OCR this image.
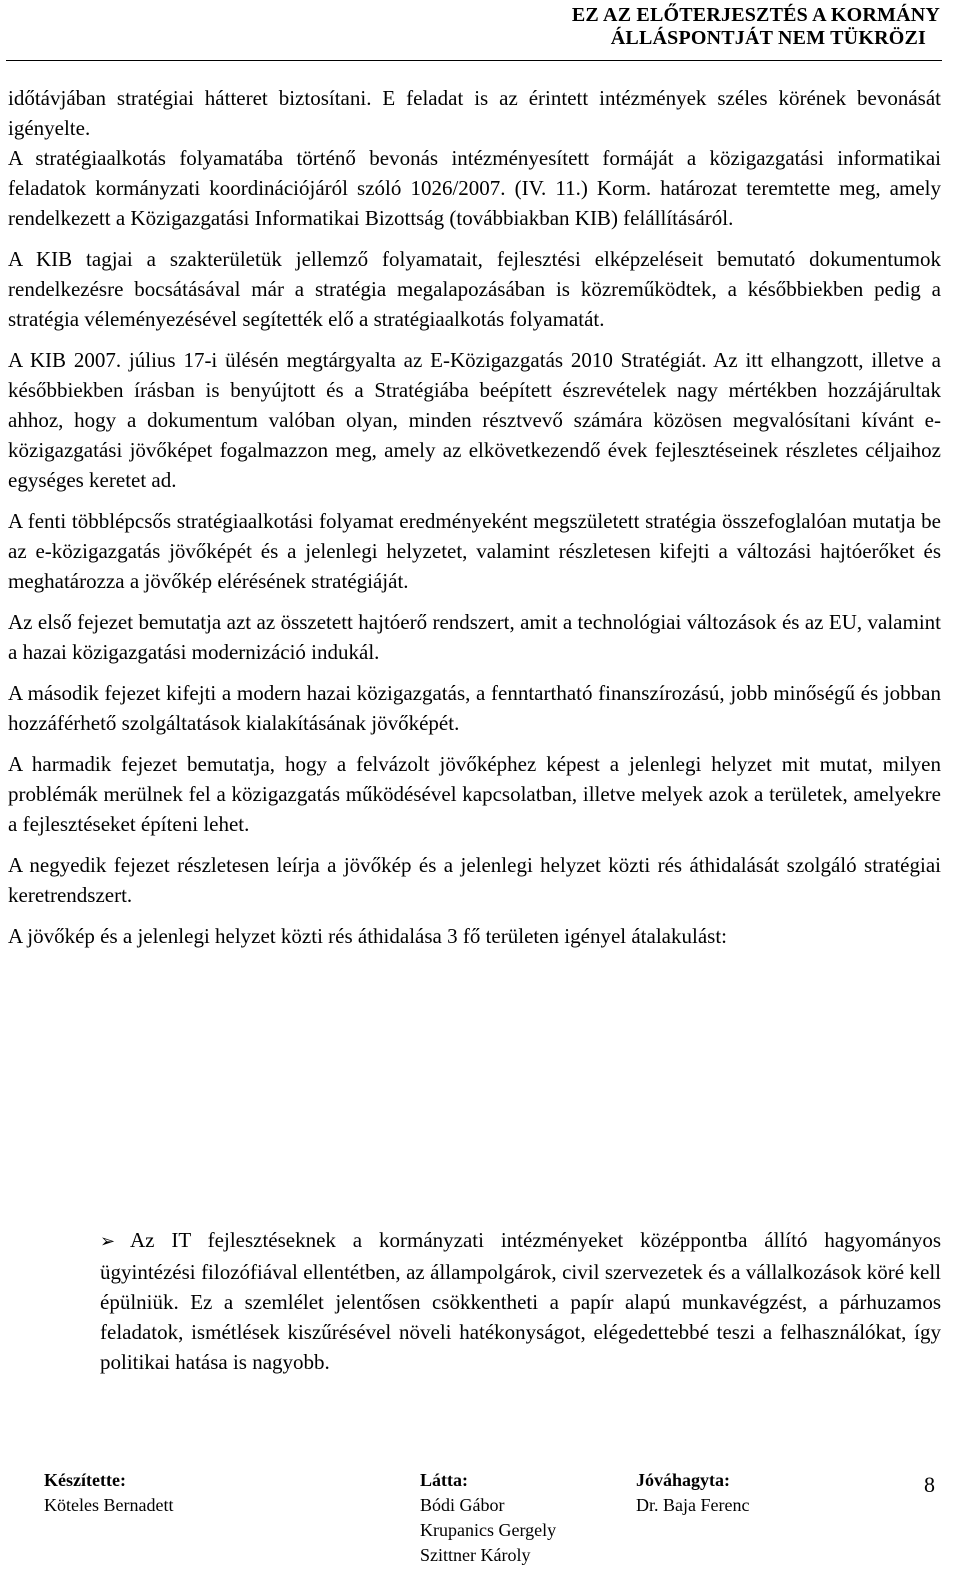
EZ AZ ELŐTERJESZTÉS A KORMÁNY
ÁLLÁSPONTJÁT NEM TÜKRÖZI

időtávjában stratégiai hátteret biztosítani. E feladat is az érintett intézmények széles körének bevonását igényelte.

A stratégiaalkotás folyamatába történő bevonás intézményesített formáját a közigazgatási informatikai feladatok kormányzati koordinációjáról szóló 1026/2007. (IV. 11.) Korm. határozat teremtette meg, amely rendelkezett a Közigazgatási Informatikai Bizottság (továbbiakban KIB) felállításáról.

A KIB tagjai a szakterületük jellemző folyamatait, fejlesztési elképzeléseit bemutató dokumentumok rendelkezésre bocsátásával már a stratégia megalapozásában is közreműködtek, a későbbiekben pedig a stratégia véleményezésével segítették elő a stratégiaalkotás folyamatát.

A KIB 2007. július 17-i ülésén megtárgyalta az E-Közigazgatás 2010 Stratégiát. Az itt elhangzott, illetve a későbbiekben írásban is benyújtott és a Stratégiába beépített észrevételek nagy mértékben hozzájárultak ahhoz, hogy a dokumentum valóban olyan, minden résztvevő számára közösen megvalósítani kívánt e-közigazgatási jövőképet fogalmazzon meg, amely az elkövetkezendő évek fejlesztéseinek részletes céljaihoz egységes keretet ad.

A fenti többlépcsős stratégiaalkotási folyamat eredményeként megszületett stratégia összefoglalóan mutatja be az e-közigazgatás jövőképét és a jelenlegi helyzetet, valamint részletesen kifejti a változási hajtóerőket és meghatározza a jövőkép elérésének stratégiáját.

Az első fejezet bemutatja azt az összetett hajtóerő rendszert, amit a technológiai változások és az EU, valamint a hazai közigazgatási modernizáció indukál.

A második fejezet kifejti a modern hazai közigazgatás, a fenntartható finanszírozású, jobb minőségű és jobban hozzáférhető szolgáltatások kialakításának jövőképét.

A harmadik fejezet bemutatja, hogy a felvázolt jövőképhez képest a jelenlegi helyzet mit mutat, milyen problémák merülnek fel a közigazgatás működésével kapcsolatban, illetve melyek azok a területek, amelyekre a fejlesztéseket építeni lehet.

A negyedik fejezet részletesen leírja a jövőkép és a jelenlegi helyzet közti rés áthidalását szolgáló stratégiai keretrendszert.

A jövőkép és a jelenlegi helyzet közti rés áthidalása 3 fő területen igényel átalakulást:

➢ Az IT fejlesztéseknek a kormányzati intézményeket középpontba állító hagyományos ügyintézési filozófiával ellentétben, az állampolgárok, civil szervezetek és a vállalkozások köré kell épülniük. Ez a szemlélet jelentősen csökkentheti a papír alapú munkavégzést, a párhuzamos feladatok, ismétlések kiszűrésével növeli hatékonyságot, elégedettebbé teszi a felhasználókat, így politikai hatása is nagyobb.

Készítette:
Köteles Bernadett
Látta:
Bódi Gábor
Krupanics Gergely
Szittner Károly
Jóváhagyta:
Dr. Baja Ferenc
8
